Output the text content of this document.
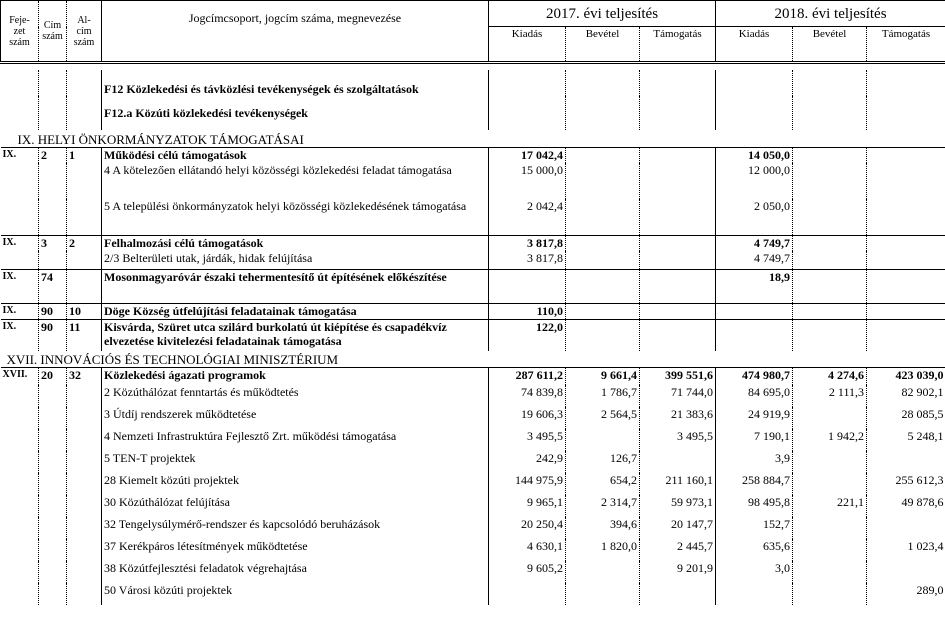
Feje-
zet
szám	Cím
szám	Al-
cím
szám	Jogcímcsoport, jogcím száma, megnevezése	2017. évi teljesítés			2018. évi teljesítés		
				Kiadás	Bevétel	Támogatás	Kiadás	Bevétel	Támogatás

			F12 Közlekedési és távközlési tevékenységek és szolgáltatások						
			F12.a Közúti közlekedési tevékenységek						
IX. HELYI ÖNKORMÁNYZATOK TÁMOGATÁSAI									
IX.	2	1	Működési célú támogatások	17 042,4			14 050,0		
			4 A kötelezően ellátandó helyi közösségi közlekedési feladat támogatása	15 000,0			12 000,0		
			5 A települési önkormányzatok helyi közösségi közlekedésének támogatása	2 042,4			2 050,0		
IX.	3	2	Felhalmozási célú támogatások	3 817,8			4 749,7		
			2/3 Belterületi utak, járdák, hidak felújítása	3 817,8			4 749,7		
IX.	74		Mosonmagyaróvár északi tehermentesítő út építésének előkészítése				18,9		
IX.	90	10	Döge Község útfelújítási feladatainak támogatása	110,0					
IX.	90	11	Kisvárda, Szüret utca szilárd burkolatú út kiépítése és csapadékvíz elvezetése kivitelezési feladatainak támogatása	122,0					
XVII. INNOVÁCIÓS ÉS TECHNOLÓGIAI MINISZTÉRIUM									
XVII.	20	32	Közlekedési ágazati programok	287 611,2	9 661,4	399 551,6	474 980,7	4 274,6	423 039,0
			2 Közúthálózat fenntartás és működtetés	74 839,8	1 786,7	71 744,0	84 695,0	2 111,3	82 902,1
			3 Útdíj rendszerek működtetése	19 606,3	2 564,5	21 383,6	24 919,9		28 085,5
			4 Nemzeti Infrastruktúra Fejlesztő Zrt. működési támogatása	3 495,5		3 495,5	7 190,1	1 942,2	5 248,1
			5 TEN-T projektek	242,9	126,7		3,9		
			28 Kiemelt közúti projektek	144 975,9	654,2	211 160,1	258 884,7		255 612,3
			30 Közúthálózat felújítása	9 965,1	2 314,7	59 973,1	98 495,8	221,1	49 878,6
			32 Tengelysúlymérő-rendszer és kapcsolódó beruházások	20 250,4	394,6	20 147,7	152,7		
			37 Kerékpáros létesítmények működtetése	4 630,1	1 820,0	2 445,7	635,6		1 023,4
			38 Közútfejlesztési feladatok végrehajtása	9 605,2		9 201,9	3,0		
			50 Városi közúti projektek						289,0
